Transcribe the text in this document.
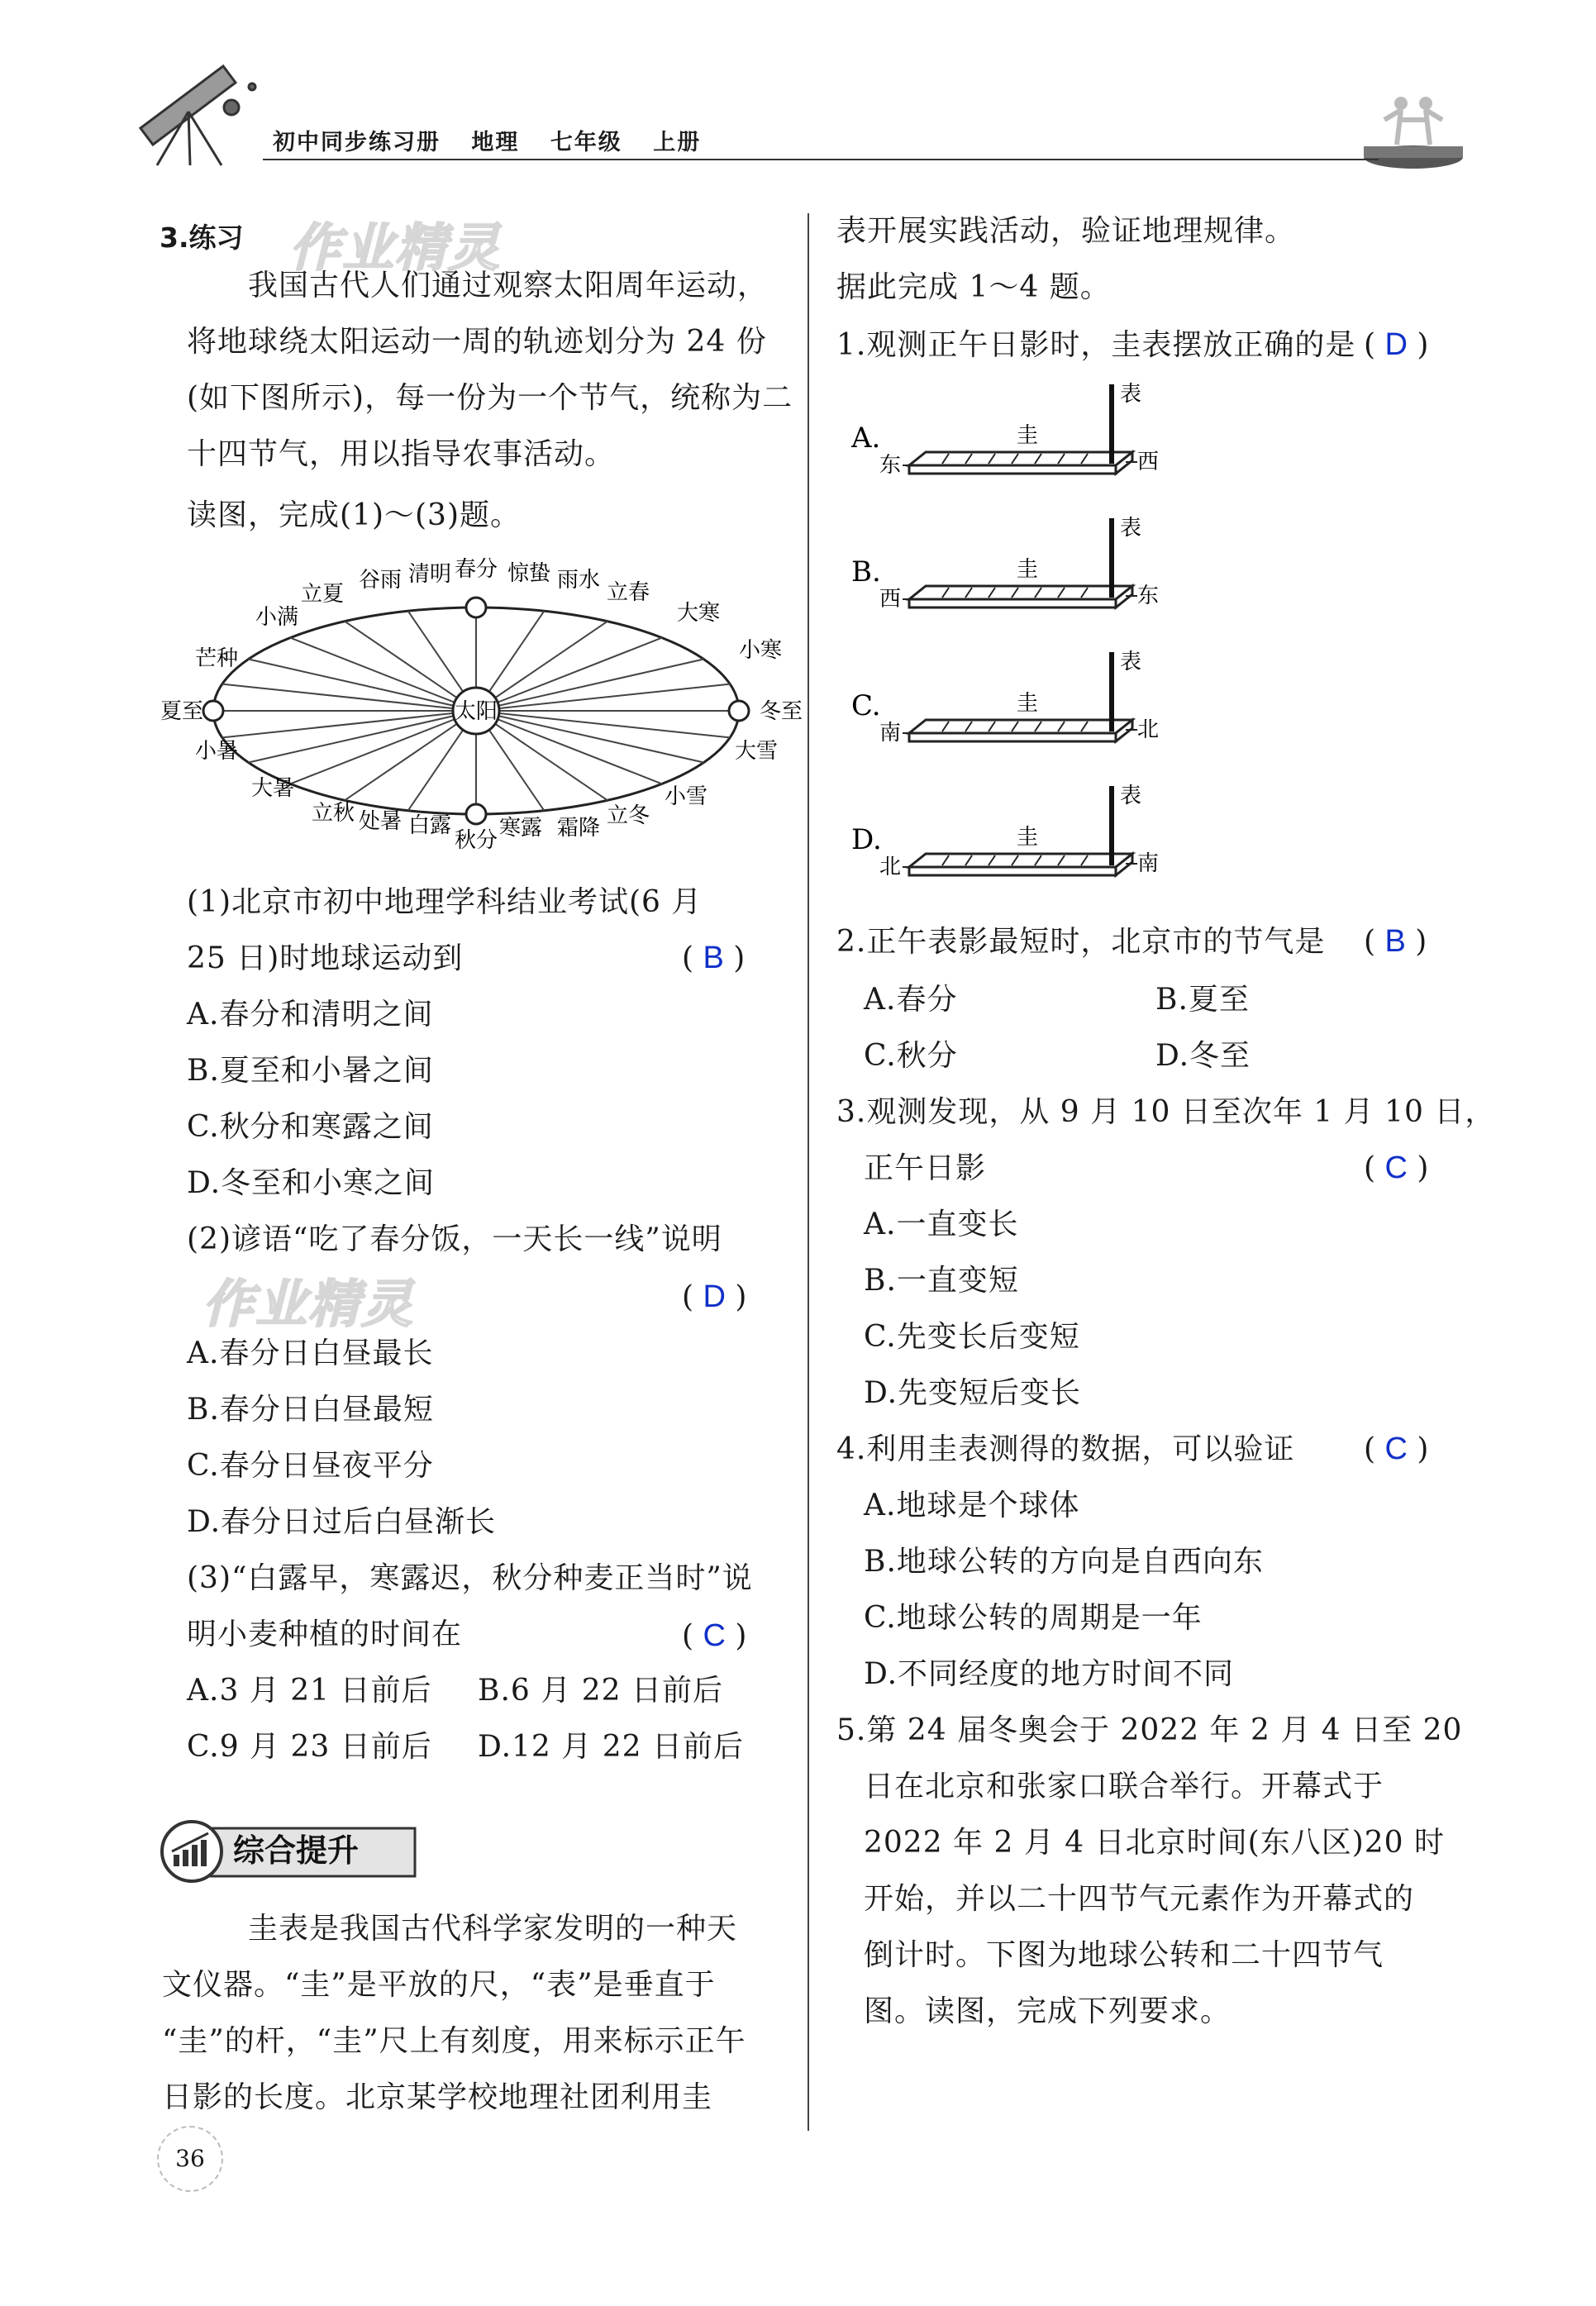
初中同步练习册 地理 七年级 上册
3.练习 作业精灵
我国古代人们通过观察太阳周年运动，
将地球绕太阳运动一周的轨迹划分为 24 份
(如下图所示)，每一份为一个节气，统称为二
十四节气，用以指导农事活动。
读图，完成(1)～(3)题。
太阳
春分 惊蛰 雨水 立春
大寒
小寒
冬至
大雪
小雪
立冬
霜降
寒露
秋分
白露
处暑
立秋
大暑
小暑
夏至
芒种
小满
立夏
谷雨 清明
(1)北京市初中地理学科结业考试(6 月
25 日)时地球运动到	( B )
A.春分和清明之间
B.夏至和小暑之间
C.秋分和寒露之间
D.冬至和小寒之间
(2)谚语“吃了春分饭，一天长一线”说明
作业精灵	( D )
A.春分日白昼最长
B.春分日白昼最短
C.春分日昼夜平分
D.春分日过后白昼渐长
(3)“白露早，寒露迟，秋分种麦正当时”说
明小麦种植的时间在	( C )
A.3 月 21 日前后 B.6 月 22 日前后
C.9 月 23 日前后 D.12 月 22 日前后
综合提升
圭表是我国古代科学家发明的一种天
文仪器。“圭”是平放的尺，“表”是垂直于
“圭”的杆，“圭”尺上有刻度，用来标示正午
日影的长度。北京某学校地理社团利用圭
36
表开展实践活动，验证地理规律。
据此完成 1～4 题。
1.观测正午日影时，圭表摆放正确的是 ( D )
A.
表
圭
东	西
B.
表
圭
西	东
C.
表
圭
南	北
D.
表
圭
北	南
2.正午表影最短时，北京市的节气是 ( B )
A.春分	B.夏至
C.秋分	D.冬至
3.观测发现，从 9 月 10 日至次年 1 月 10 日，
正午日影	( C )
A.一直变长
B.一直变短
C.先变长后变短
D.先变短后变长
4.利用圭表测得的数据，可以验证 ( C )
A.地球是个球体
B.地球公转的方向是自西向东
C.地球公转的周期是一年
D.不同经度的地方时间不同
5.第 24 届冬奥会于 2022 年 2 月 4 日至 20
日在北京和张家口联合举行。开幕式于
2022 年 2 月 4 日北京时间(东八区)20 时
开始，并以二十四节气元素作为开幕式的
倒计时。下图为地球公转和二十四节气
图。读图，完成下列要求。
